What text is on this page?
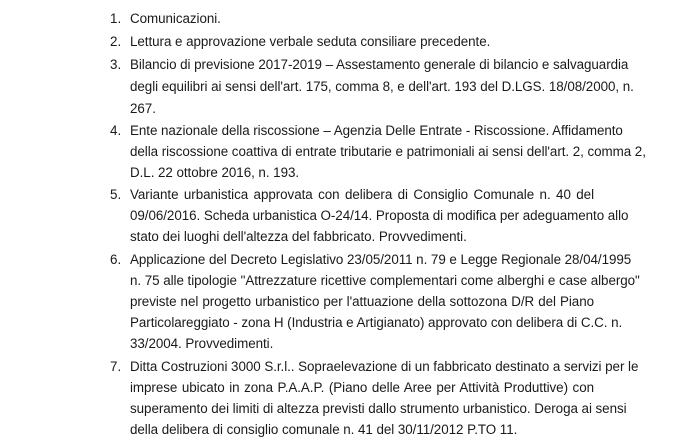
1. Comunicazioni.
2. Lettura e approvazione verbale seduta consiliare precedente.
3. Bilancio di previsione 2017-2019 – Assestamento generale di bilancio e salvaguardia
degli equilibri ai sensi dell'art. 175, comma 8, e dell'art. 193 del D.LGS. 18/08/2000, n.
267.
4. Ente nazionale della riscossione – Agenzia Delle Entrate - Riscossione. Affidamento
della riscossione coattiva di entrate tributarie e patrimoniali ai sensi dell'art. 2, comma 2,
D.L. 22 ottobre 2016, n. 193.
5. Variante urbanistica approvata con delibera di Consiglio Comunale n. 40 del
09/06/2016. Scheda urbanistica O-24/14. Proposta di modifica per adeguamento allo
stato dei luoghi dell'altezza del fabbricato. Provvedimenti.
6. Applicazione del Decreto Legislativo 23/05/2011 n. 79 e Legge Regionale 28/04/1995
n. 75 alle tipologie "Attrezzature ricettive complementari come alberghi e case albergo"
previste nel progetto urbanistico per l'attuazione della sottozona D/R del Piano
Particolareggiato - zona H (Industria e Artigianato) approvato con delibera di C.C. n.
33/2004. Provvedimenti.
7. Ditta Costruzioni 3000 S.r.l.. Sopraelevazione di un fabbricato destinato a servizi per le
imprese ubicato in zona P.A.A.P. (Piano delle Aree per Attività Produttive) con
superamento dei limiti di altezza previsti dallo strumento urbanistico. Deroga ai sensi
della delibera di consiglio comunale n. 41 del 30/11/2012 P.TO 11.
